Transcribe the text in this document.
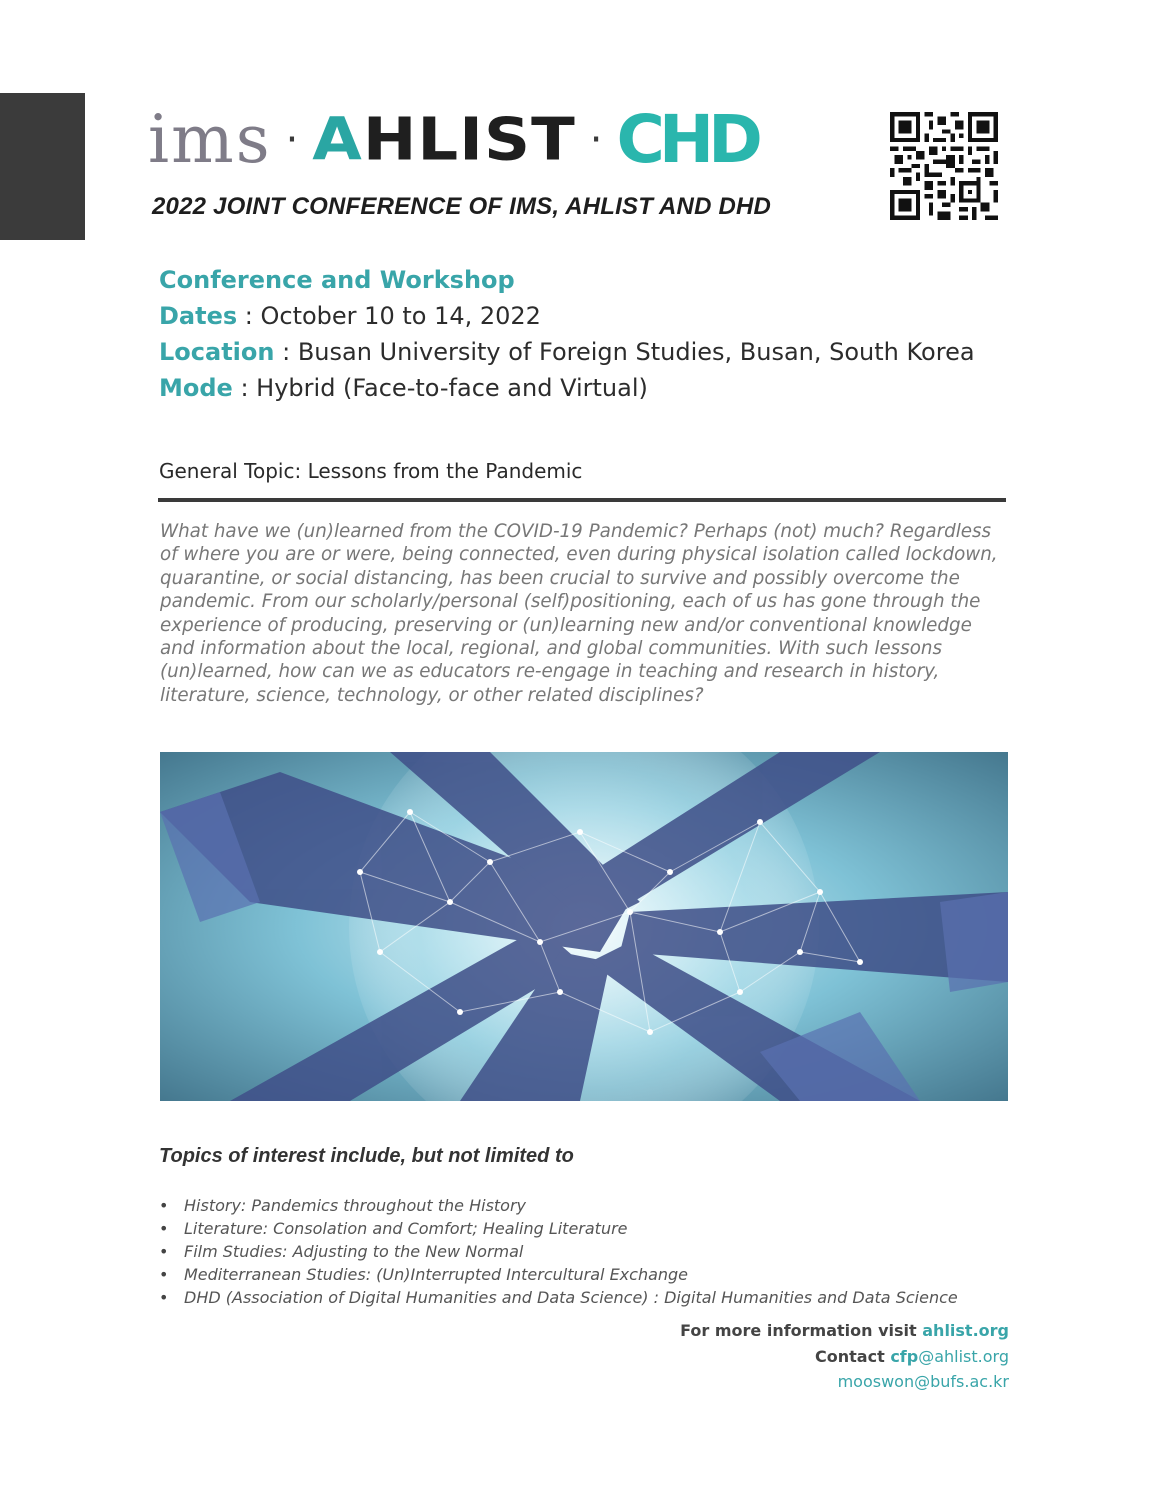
ims · AHLIST · CHD
2022 JOINT CONFERENCE OF IMS, AHLIST AND DHD
Conference and Workshop
Dates : October 10 to 14, 2022
Location : Busan University of Foreign Studies, Busan, South Korea
Mode : Hybrid (Face-to-face and Virtual)
General Topic: Lessons from the Pandemic
What have we (un)learned from the COVID-19 Pandemic? Perhaps (not) much? Regardless
of where you are or were, being connected, even during physical isolation called lockdown,
quarantine, or social distancing, has been crucial to survive and possibly overcome the
pandemic. From our scholarly/personal (self)positioning, each of us has gone through the
experience of producing, preserving or (un)learning new and/or conventional knowledge
and information about the local, regional, and global communities. With such lessons
(un)learned, how can we as educators re-engage in teaching and research in history,
literature, science, technology, or other related disciplines?
Topics of interest include, but not limited to
• History: Pandemics throughout the History
• Literature: Consolation and Comfort; Healing Literature
• Film Studies: Adjusting to the New Normal
• Mediterranean Studies: (Un)Interrupted Intercultural Exchange
• DHD (Association of Digital Humanities and Data Science) : Digital Humanities and Data Science
For more information visit ahlist.org
Contact cfp@ahlist.org
mooswon@bufs.ac.kr
